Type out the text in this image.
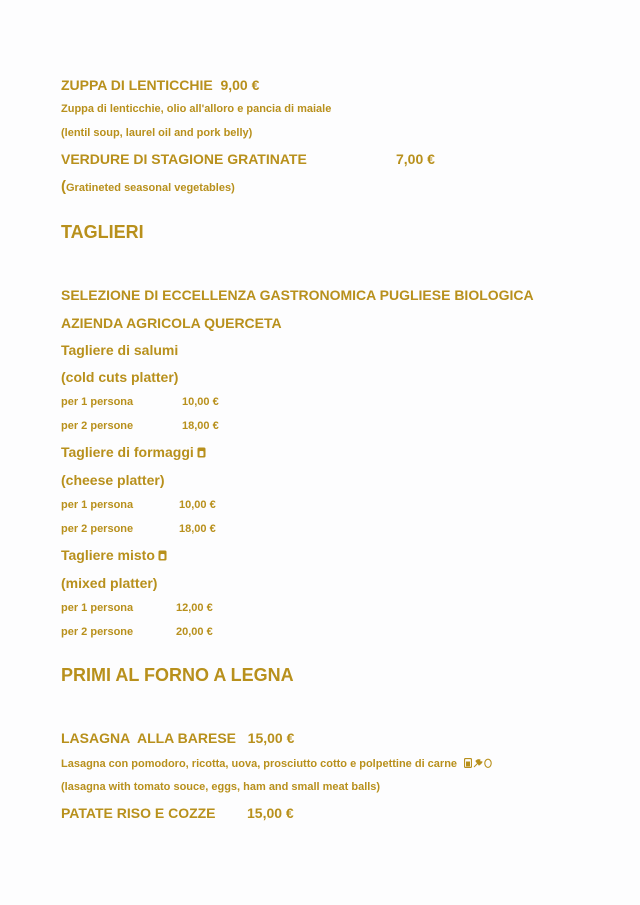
ZUPPA DI LENTICCHIE  9,00 €
Zuppa di lenticchie, olio all'alloro e pancia di maiale
(lentil soup, laurel oil and pork belly)
VERDURE DI STAGIONE GRATINATE	7,00 €
(Gratineted seasonal vegetables)
TAGLIERI
SELEZIONE DI ECCELLENZA GASTRONOMICA PUGLIESE BIOLOGICA
AZIENDA AGRICOLA QUERCETA
Tagliere di salumi
(cold cuts platter)
per 1 persona	10,00 €
per 2 persone	18,00 €
Tagliere di formaggi
(cheese platter)
per 1 persona	10,00 €
per 2 persone	18,00 €
Tagliere misto
(mixed platter)
per 1 persona	12,00 €
per 2 persone	20,00 €
PRIMI AL FORNO A LEGNA
LASAGNA  ALLA BARESE   15,00 €
Lasagna con pomodoro, ricotta, uova, prosciutto cotto e polpettine di carne
(lasagna with tomato souce, eggs, ham and small meat balls)
PATATE RISO E COZZE 15,00 €
